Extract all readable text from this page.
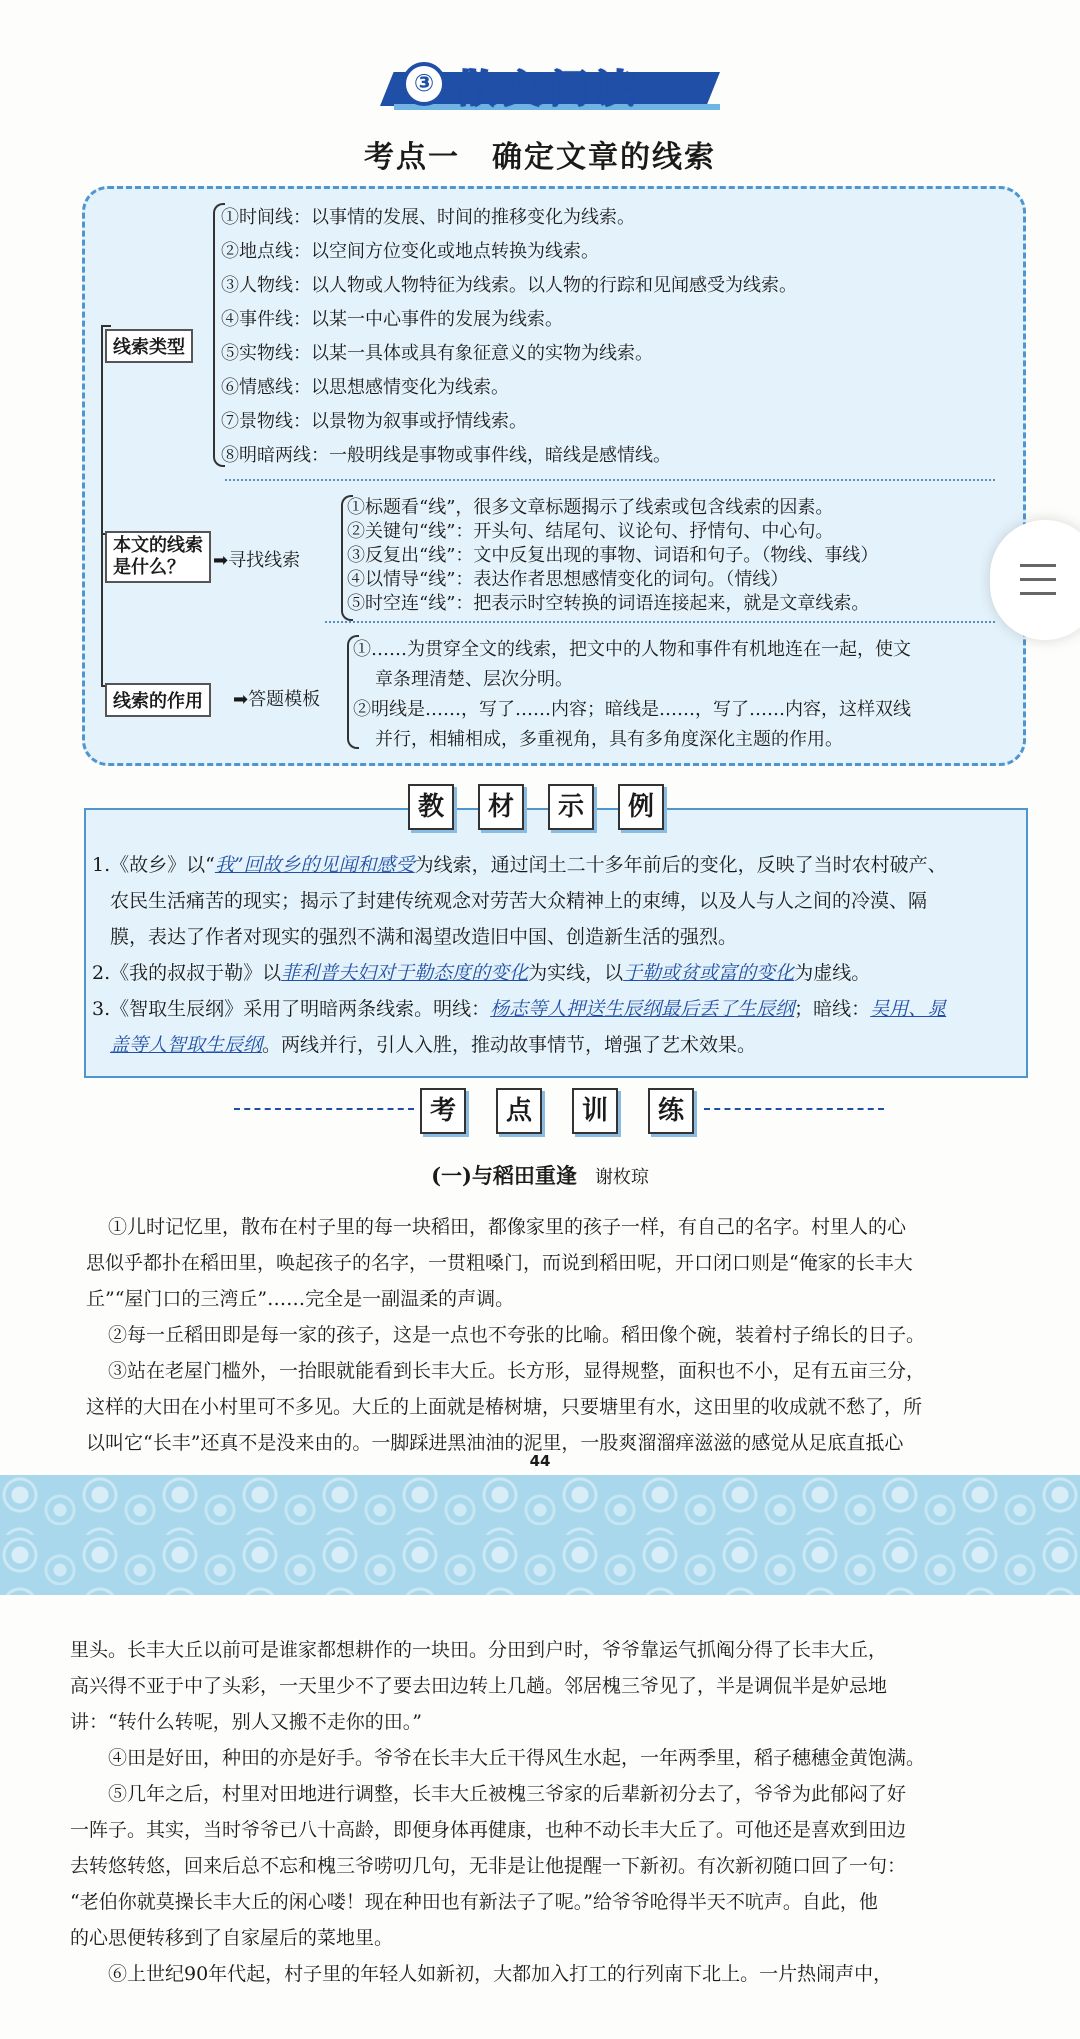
③ 散文阅读
考点一　确定文章的线索
线索类型
①时间线：以事情的发展、时间的推移变化为线索。
②地点线：以空间方位变化或地点转换为线索。
③人物线：以人物或人物特征为线索。以人物的行踪和见闻感受为线索。
④事件线：以某一中心事件的发展为线索。
⑤实物线：以某一具体或具有象征意义的实物为线索。
⑥情感线：以思想感情变化为线索。
⑦景物线：以景物为叙事或抒情线索。
⑧明暗两线：一般明线是事物或事件线，暗线是感情线。
本文的线索
是什么？	➡寻找线索
①标题看“线”，很多文章标题揭示了线索或包含线索的因素。
②关键句“线”：开头句、结尾句、议论句、抒情句、中心句。
③反复出“线”：文中反复出现的事物、词语和句子。（物线、事线）
④以情导“线”：表达作者思想感情变化的词句。（情线）
⑤时空连“线”：把表示时空转换的词语连接起来，就是文章线索。
线索的作用	➡答题模板
①……为贯穿全文的线索，把文中的人物和事件有机地连在一起，使文
章条理清楚、层次分明。
②明线是……，写了……内容；暗线是……，写了……内容，这样双线
并行，相辅相成，多重视角，具有多角度深化主题的作用。
1.《故乡》以“我”回故乡的见闻和感受为线索，通过闰土二十多年前后的变化，反映了当时农村破产、
农民生活痛苦的现实；揭示了封建传统观念对劳苦大众精神上的束缚，以及人与人之间的冷漠、隔
膜，表达了作者对现实的强烈不满和渴望改造旧中国、创造新生活的强烈。
2.《我的叔叔于勒》以菲利普夫妇对于勒态度的变化为实线，以于勒或贫或富的变化为虚线。
3.《智取生辰纲》采用了明暗两条线索。明线：杨志等人押送生辰纲最后丢了生辰纲；暗线：吴用、晁
盖等人智取生辰纲。两线并行，引人入胜，推动故事情节，增强了艺术效果。
教	材	示	例
考	点	训	练
(一)与稻田重逢 谢枚琼
①儿时记忆里，散布在村子里的每一块稻田，都像家里的孩子一样，有自己的名字。村里人的心
思似乎都扑在稻田里，唤起孩子的名字，一贯粗嗓门，而说到稻田呢，开口闭口则是“俺家的长丰大
丘”“屋门口的三湾丘”……完全是一副温柔的声调。
②每一丘稻田即是每一家的孩子，这是一点也不夸张的比喻。稻田像个碗，装着村子绵长的日子。
③站在老屋门槛外，一抬眼就能看到长丰大丘。长方形，显得规整，面积也不小，足有五亩三分，
这样的大田在小村里可不多见。大丘的上面就是椿树塘，只要塘里有水，这田里的收成就不愁了，所
以叫它“长丰”还真不是没来由的。一脚踩进黑油油的泥里，一股爽溜溜痒滋滋的感觉从足底直抵心
44
里头。长丰大丘以前可是谁家都想耕作的一块田。分田到户时，爷爷靠运气抓阄分得了长丰大丘，
高兴得不亚于中了头彩，一天里少不了要去田边转上几趟。邻居槐三爷见了，半是调侃半是妒忌地
讲：“转什么转呢，别人又搬不走你的田。”
④田是好田，种田的亦是好手。爷爷在长丰大丘干得风生水起，一年两季里，稻子穗穗金黄饱满。
⑤几年之后，村里对田地进行调整，长丰大丘被槐三爷家的后辈新初分去了，爷爷为此郁闷了好
一阵子。其实，当时爷爷已八十高龄，即便身体再健康，也种不动长丰大丘了。可他还是喜欢到田边
去转悠转悠，回来后总不忘和槐三爷唠叨几句，无非是让他提醒一下新初。有次新初随口回了一句：
“老伯你就莫操长丰大丘的闲心喽！现在种田也有新法子了呢。”给爷爷呛得半天不吭声。自此，他
的心思便转移到了自家屋后的菜地里。
⑥上世纪90年代起，村子里的年轻人如新初，大都加入打工的行列南下北上。一片热闹声中，
